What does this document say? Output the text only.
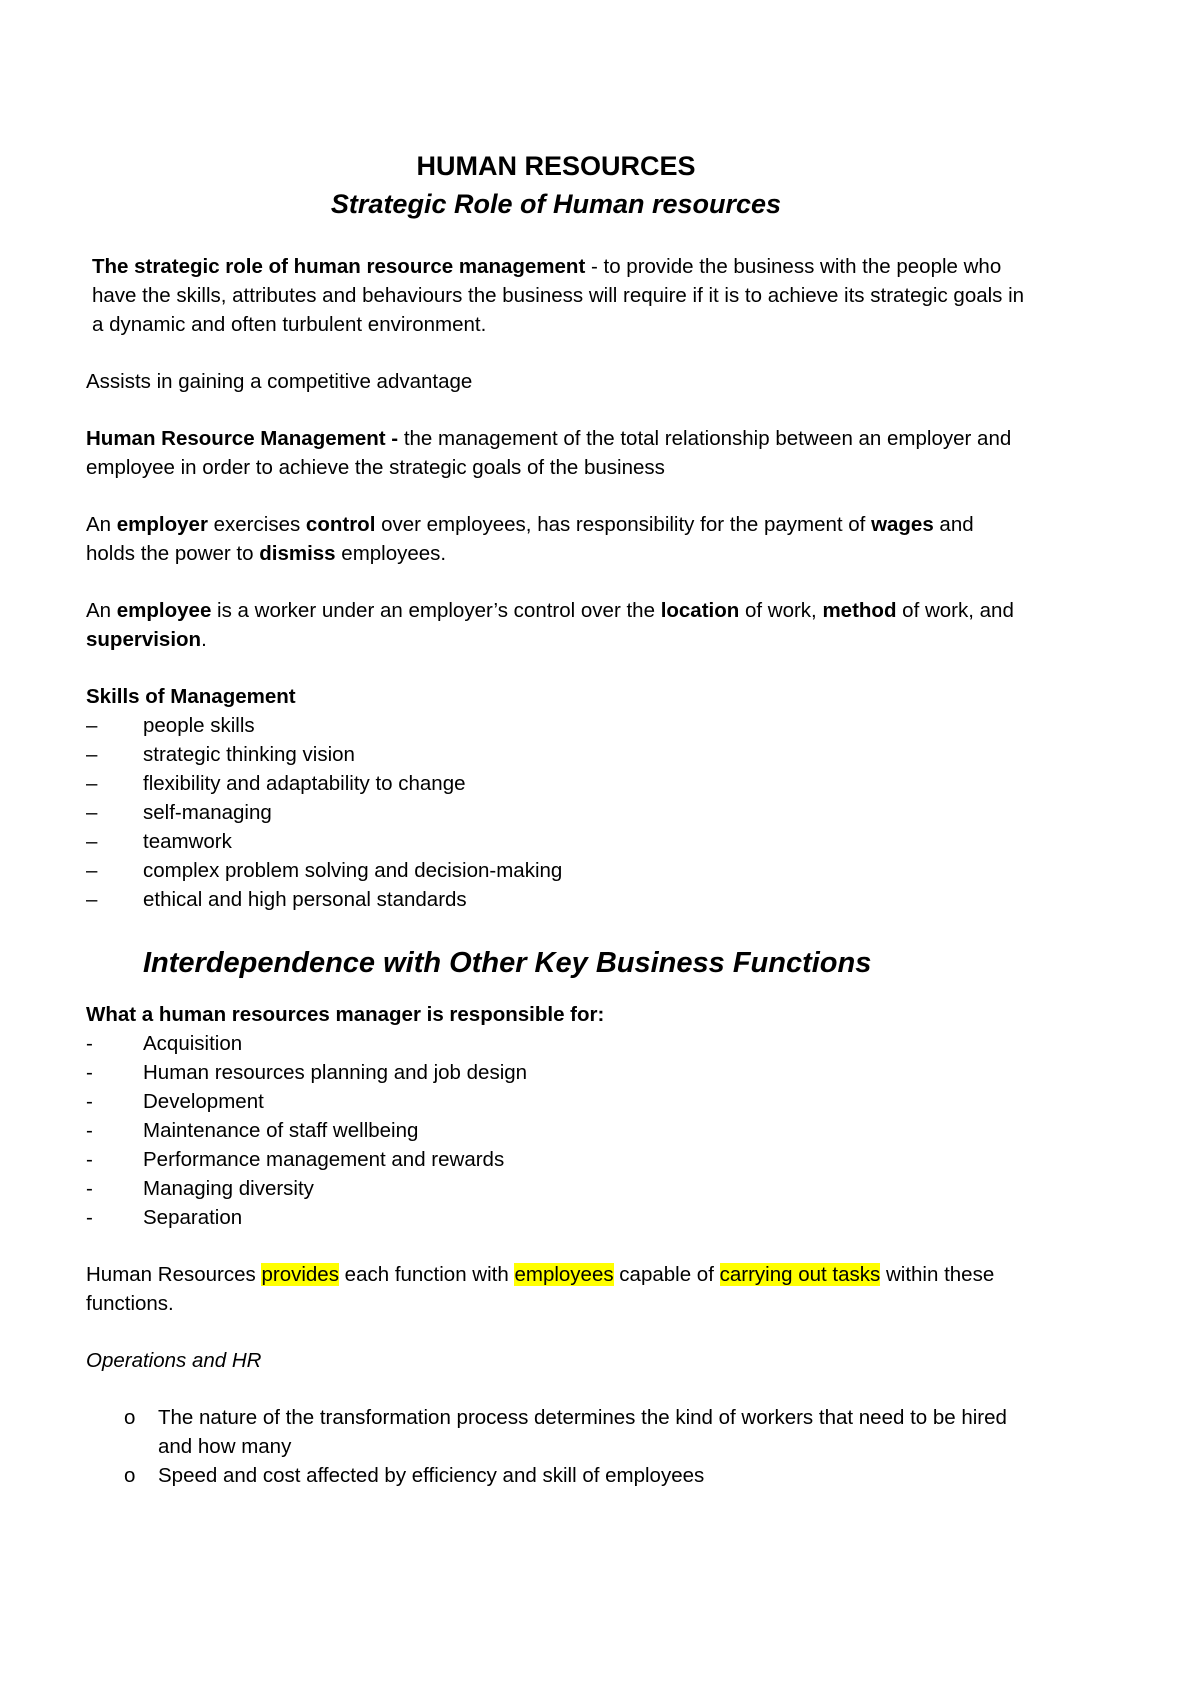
HUMAN RESOURCES
Strategic Role of Human resources

The strategic role of human resource management - to provide the business with the people who have the skills, attributes and behaviours the business will require if it is to achieve its strategic goals in a dynamic and often turbulent environment.

Assists in gaining a competitive advantage

Human Resource Management - the management of the total relationship between an employer and employee in order to achieve the strategic goals of the business

An employer exercises control over employees, has responsibility for the payment of wages and holds the power to dismiss employees.

An employee is a worker under an employer’s control over the location of work, method of work, and supervision.

Skills of Management

– people skills
– strategic thinking vision
– flexibility and adaptability to change
– self-managing
– teamwork
– complex problem solving and decision-making
– ethical and high personal standards
Interdependence with Other Key Business Functions

What a human resources manager is responsible for:

- Acquisition
- Human resources planning and job design
- Development
- Maintenance of staff wellbeing
- Performance management and rewards
- Managing diversity
- Separation

Human Resources provides each function with employees capable of carrying out tasks within these functions.

Operations and HR

o The nature of the transformation process determines the kind of workers that need to be hired and how many
o Speed and cost affected by efficiency and skill of employees
